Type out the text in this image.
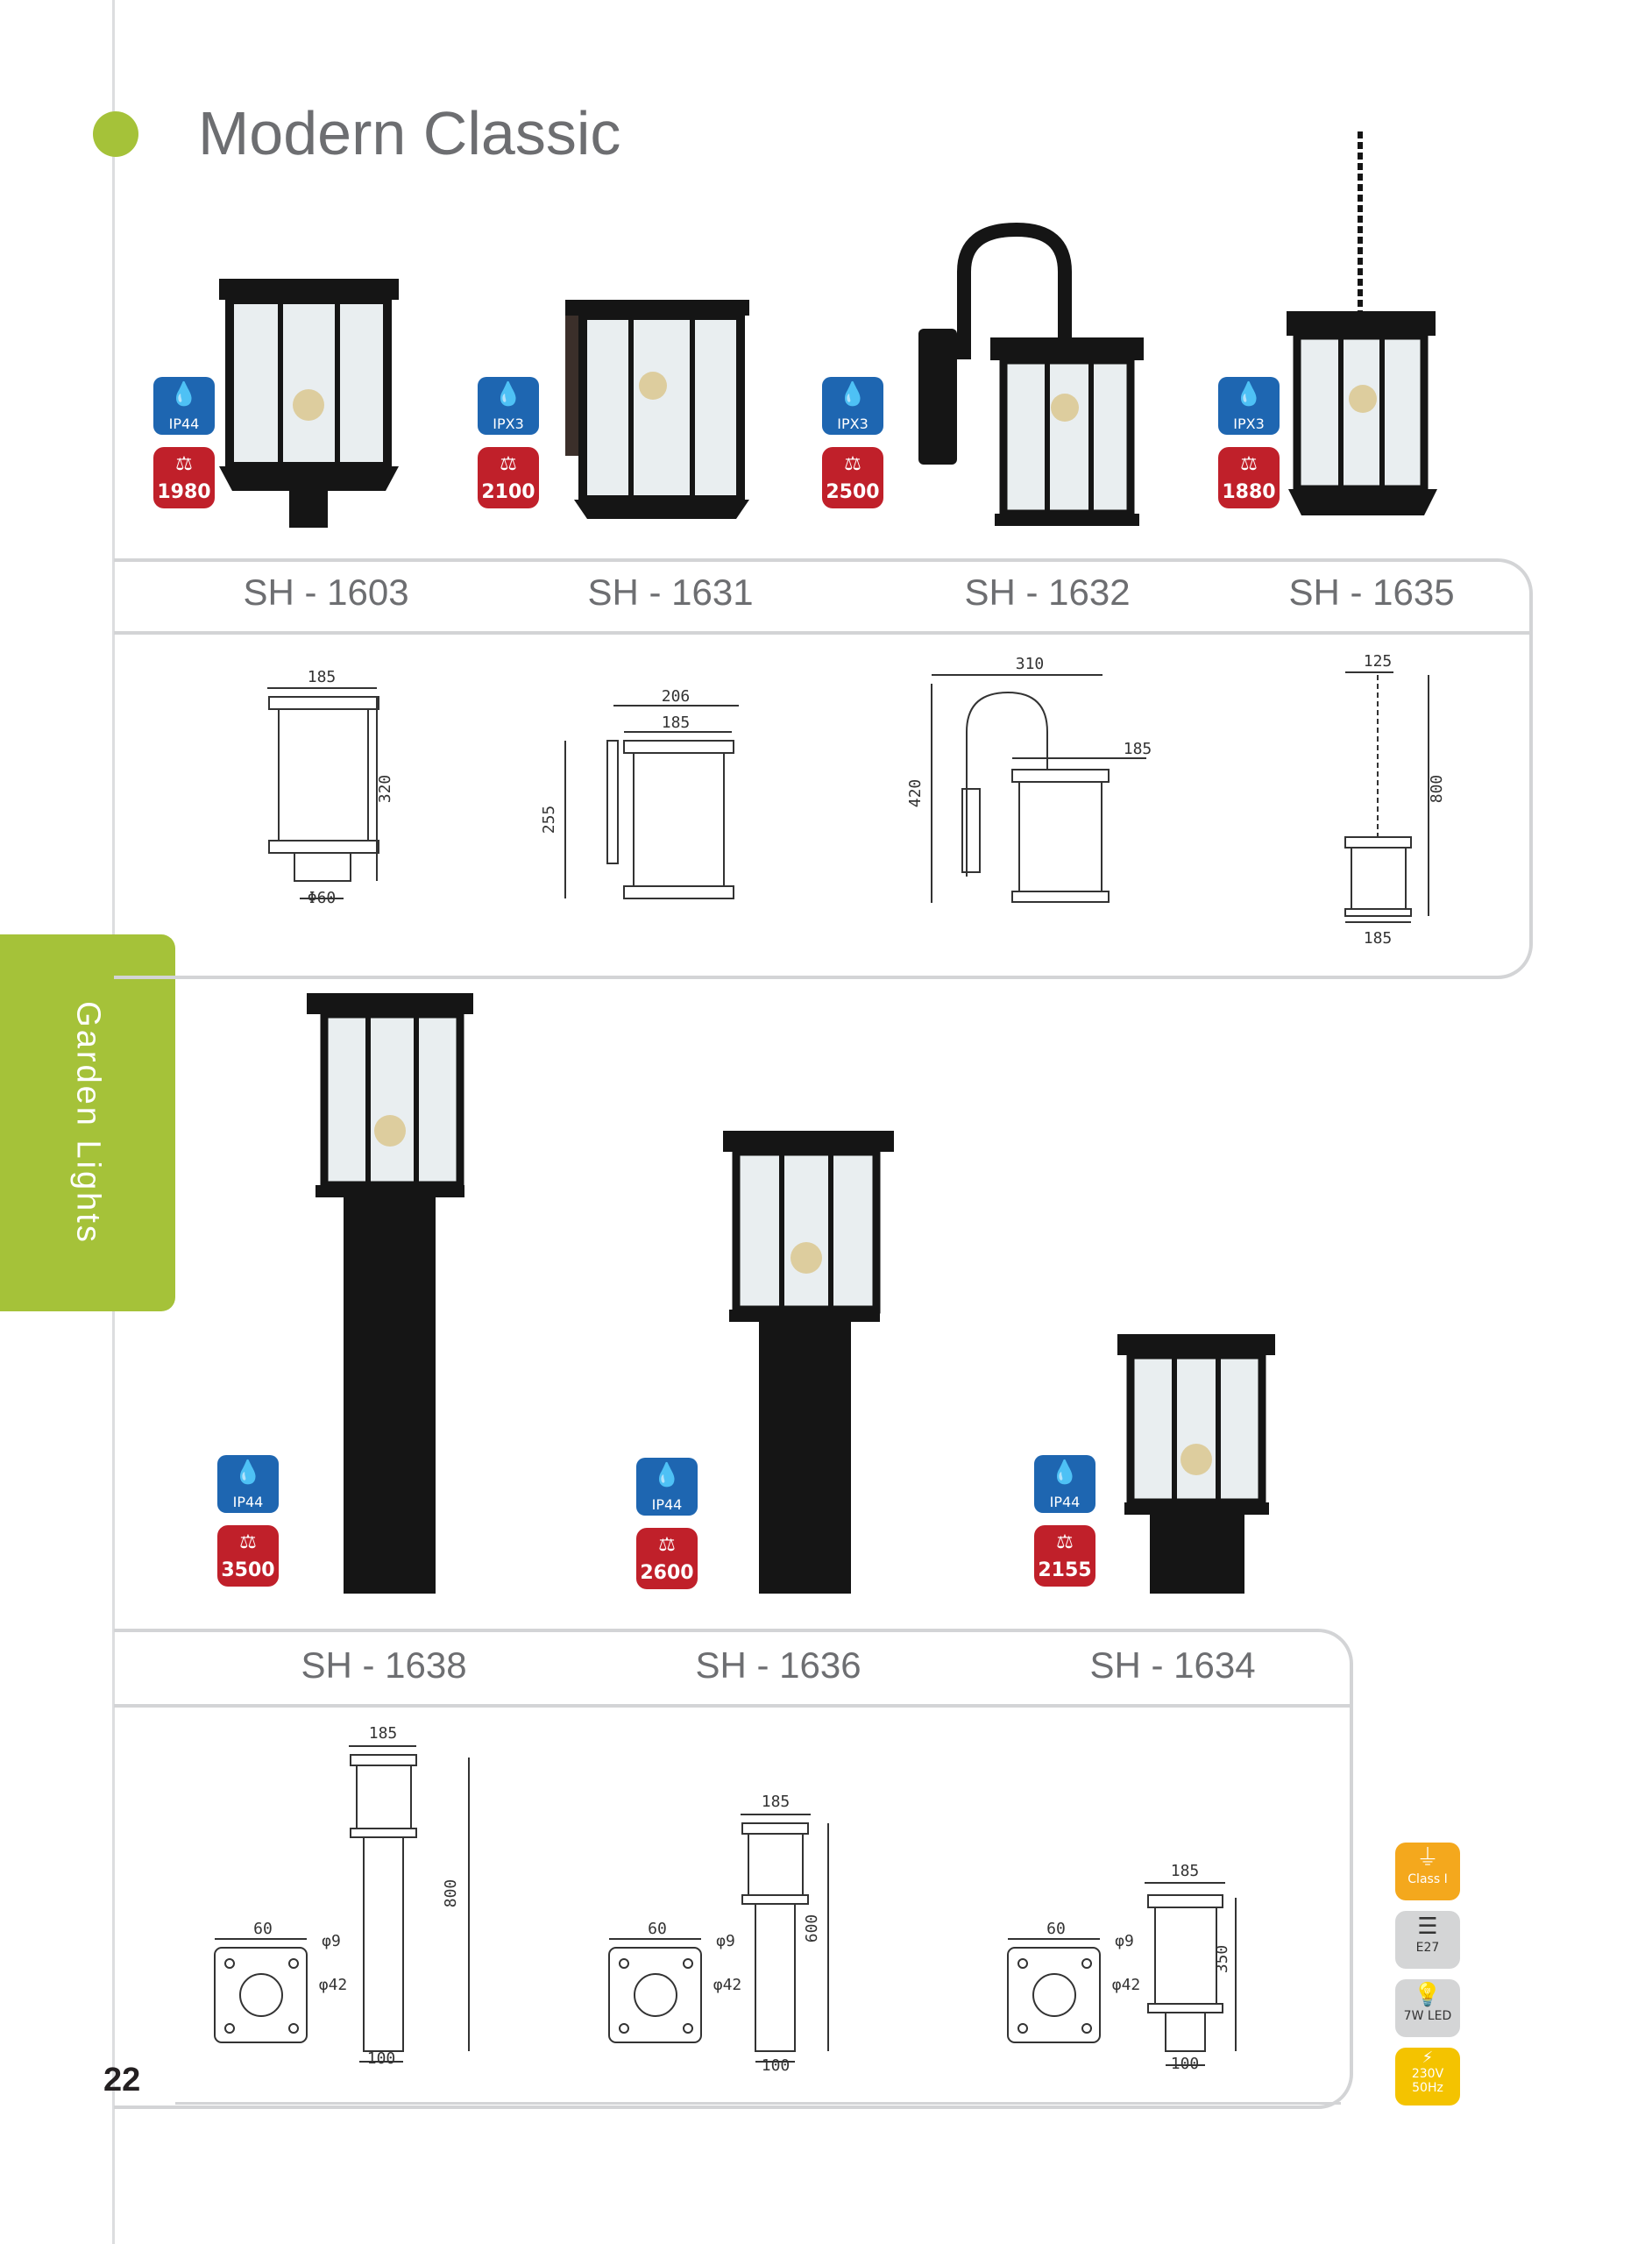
Modern Classic
Garden Lights
💧
IP44
⚖
1980
💧
IPX3
⚖
2100
💧
IPX3
⚖
2500
💧
IPX3
⚖
1880
SH - 1603	SH - 1631	SH - 1632	SH - 1635
185
320
Φ60
206
185
255
310
420
185
125
800
185
💧
IP44
⚖
3500
💧
IP44
⚖
2600
💧
IP44
⚖
2155
SH - 1638	SH - 1636	SH - 1634
185
800
60
φ9
φ42
100
185
600
60
φ9
φ42
100
185
350
60
φ9
φ42
100
⏚
Class I
☰
E27
💡
7W LED
⚡
230V 50Hz
22
